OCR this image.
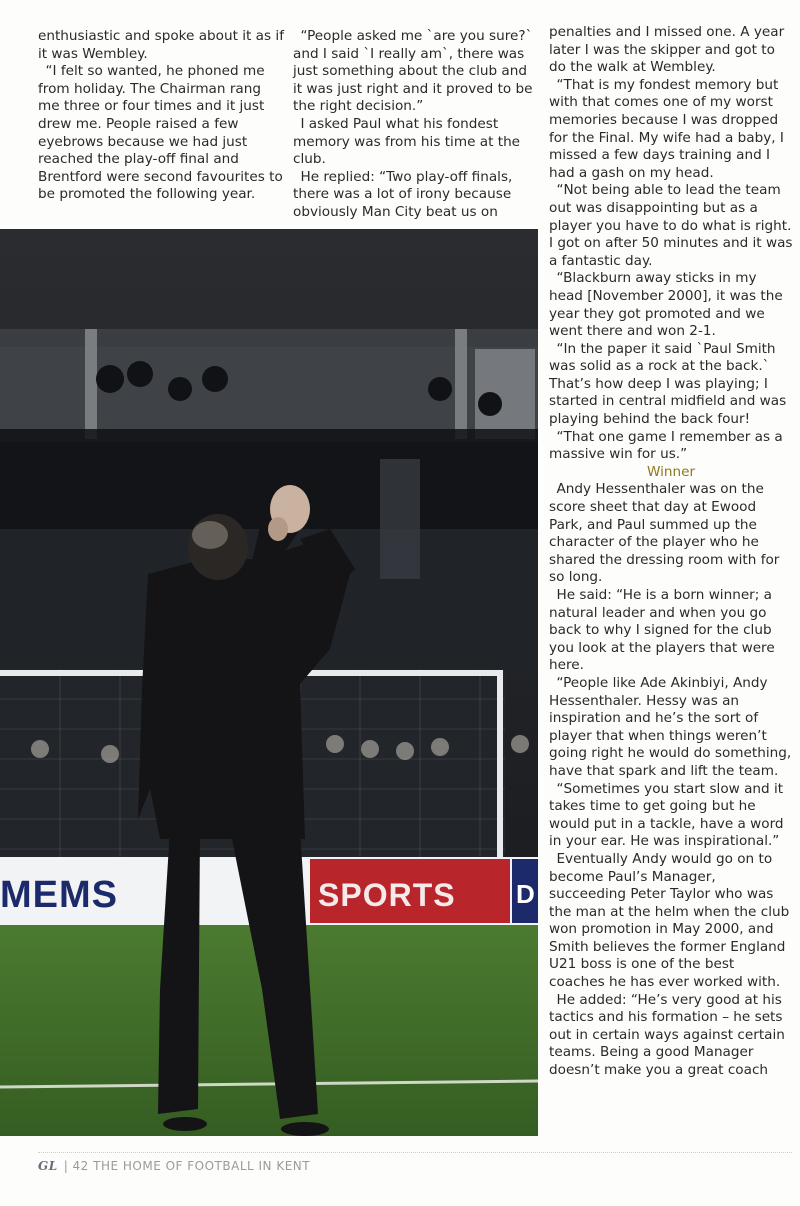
enthusiastic and spoke about it as if it was Wembley.

“I felt so wanted, he phoned me from holiday. The Chairman rang me three or four times and it just drew me. People raised a few eyebrows because we had just reached the play-off final and Brentford were second favourites to be promoted the following year.

“People asked me `are you sure?` and I said `I really am`, there was just something about the club and it was just right and it proved to be the right decision.”

I asked Paul what his fondest memory was from his time at the club.

He replied: “Two play-off finals, there was a lot of irony because obviously Man City beat us on

penalties and I missed one. A year later I was the skipper and got to do the walk at Wembley.

“That is my fondest memory but with that comes one of my worst memories because I was dropped for the Final. My wife had a baby, I missed a few days training and I had a gash on my head.

“Not being able to lead the team out was disappointing but as a player you have to do what is right. I got on after 50 minutes and it was a fantastic day.

“Blackburn away sticks in my head [November 2000], it was the year they got promoted and we went there and won 2-1.

“In the paper it said `Paul Smith was solid as a rock at the back.` That’s how deep I was playing; I started in central midfield and was playing behind the back four!

“That one game I remember as a massive win for us.”

Winner

Andy Hessenthaler was on the score sheet that day at Ewood Park, and Paul summed up the character of the player who he shared the dressing room with for so long.

He said: “He is a born winner; a natural leader and when you go back to why I signed for the club you look at the players that were here.

“People like Ade Akinbiyi, Andy Hessenthaler. Hessy was an inspiration and he’s the sort of player that when things weren’t going right he would do something, have that spark and lift the team.

“Sometimes you start slow and it takes time to get going but he would put in a tackle, have a word in your ear. He was inspirational.”

Eventually Andy would go on to become Paul’s Manager, succeeding Peter Taylor who was the man at the helm when the club won promotion in May 2000, and Smith believes the former England U21 boss is one of the best coaches he has ever worked with.

He added: “He’s very good at his tactics and his formation – he sets out in certain ways against certain teams. Being a good Manager doesn’t make you a great coach

MEMS	SPORTS D
GL | 42 THE HOME OF FOOTBALL IN KENT
